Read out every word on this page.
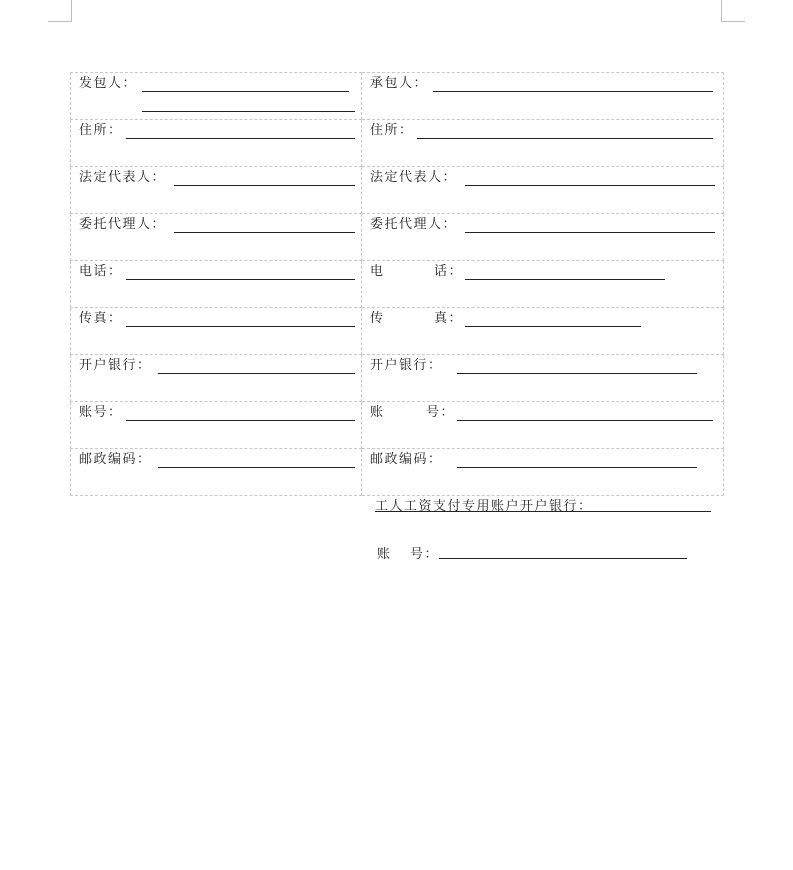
发包人：	承包人：

住所：	住所：

法定代表人：	法定代表人：

委托代理人：	委托代理人：

电话：	电 话：

传真：	传 真：

开户银行：	开户银行：

账号：	账 号：

邮政编码：	邮政编码：
工人工资支付专用账户开户银行：
账 号：
